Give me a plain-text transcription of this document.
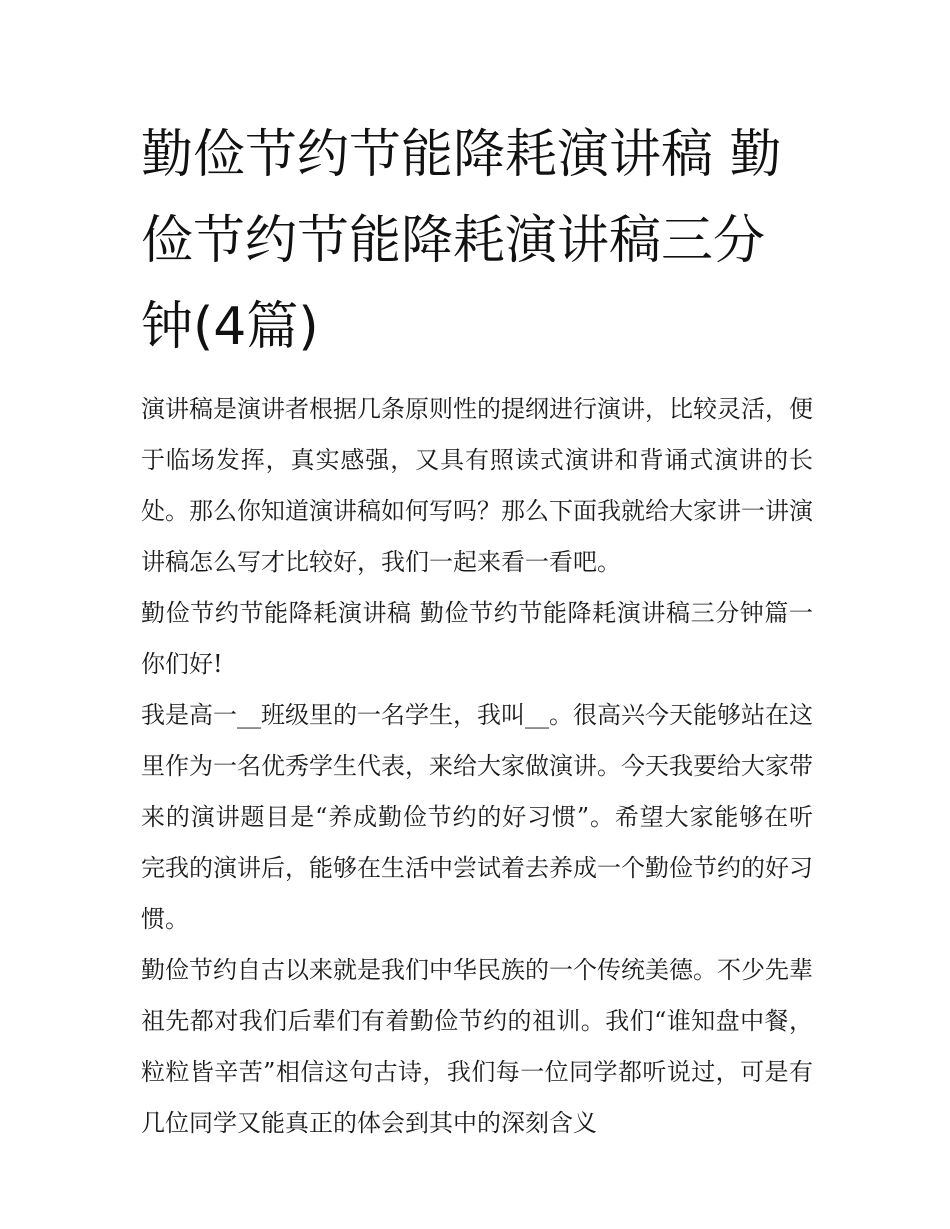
勤俭节约节能降耗演讲稿 勤俭节约节能降耗演讲稿三分钟(4篇)

演讲稿是演讲者根据几条原则性的提纲进行演讲，比较灵活，便于临场发挥，真实感强，又具有照读式演讲和背诵式演讲的长处。那么你知道演讲稿如何写吗？那么下面我就给大家讲一讲演讲稿怎么写才比较好，我们一起来看一看吧。

勤俭节约节能降耗演讲稿 勤俭节约节能降耗演讲稿三分钟篇一 你们好!

我是高一__班级里的一名学生，我叫__。很高兴今天能够站在这里作为一名优秀学生代表，来给大家做演讲。今天我要给大家带来的演讲题目是“养成勤俭节约的好习惯”。希望大家能够在听完我的演讲后，能够在生活中尝试着去养成一个勤俭节约的好习惯。

勤俭节约自古以来就是我们中华民族的一个传统美德。不少先辈祖先都对我们后辈们有着勤俭节约的祖训。我们“谁知盘中餐，粒粒皆辛苦”相信这句古诗，我们每一位同学都听说过，可是有几位同学又能真正的体会到其中的深刻含义
